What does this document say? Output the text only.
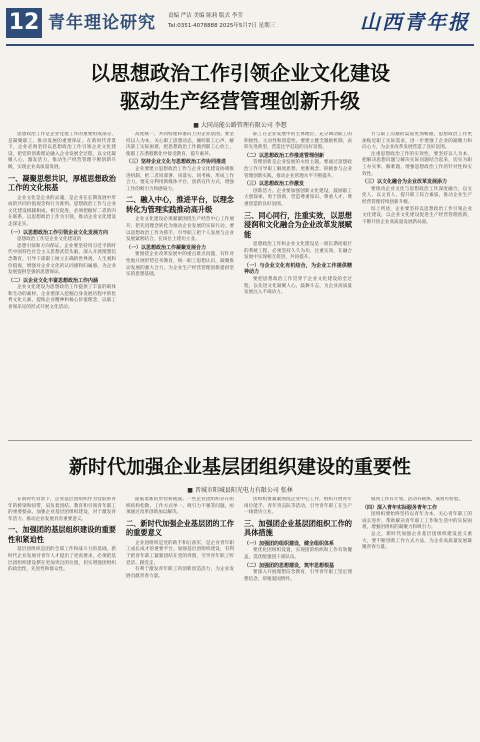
12 青年理论研究 责编 严洁 美编 陈莉 版式 李莹
Tel:0351-4078888 2025年5月7日 星期三	山西青年报
以思想政治工作引领企业文化建设
驱动生产经营管理创新升级
■ 大同高能公路管理有限公司 李想

思想政治工作是企业党建工作的重要组成部分，是凝聚职工、推动发展的重要保证。在新时代背景下，企业必须坚持以思想政治工作引领企业文化建设，把党的创新理论融入企业发展全过程，以文化凝聚人心、激发活力，推动生产经营管理不断创新升级，实现企业高质量发展。

一、凝聚思想共识，厚植思想政治工作的文化根基

企业文化是企业的灵魂，是企业在长期发展中形成的共同价值观念和行为准则。思想政治工作与企业文化建设相辅相成、相互促进，必须把握好二者的内在联系，以思想政治工作为引领，推动企业文化建设走深走实。

（一）以思想政治工作引领企业文化发展方向

思想政治工作是企业文化建设的

思想引领和方向保证。企业要坚持用习近平新时代中国特色社会主义思想武装头脑，深入开展理想信念教育，引导干部职工树立正确的世界观、人生观和价值观，增强对企业文化的认同感和归属感，为企业发展提供坚强的思想保证。

（二）以企业文化丰富思想政治工作内涵

企业文化建设为思想政治工作提供了丰富的载体和生动的素材。企业要深入挖掘自身发展历程中的优秀文化元素，提炼企业精神和核心价值理念，以职工喜闻乐见的形式开展文化活动。

高度统一，共同构建和谐向上的企业氛围。要坚持以人为本，关心职工思想动态，倾听职工心声，解决职工实际困难，把思想政治工作做到职工心坎上，使职工在潜移默化中接受教育、提升素养。

（三）坚持企业文化与思想政治工作协同推进

企业要建立思想政治工作与企业文化建设协调推进机制，把二者同部署、同落实、同考核，形成工作合力。要充分利用新媒体平台，创新宣传方式，增强工作的吸引力和感染力。

二、融入中心，推进平台，以理念转化为管理实践推动高升级

企业文化建设必须紧紧围绕生产经营中心工作展开，把先进理念转化为推动企业发展的实际行动。要以思想政治工作为抓手，引导职工把个人发展与企业发展紧密结合，在岗位上建功立业。

（一）以思想政治工作凝聚发展合力

要围绕企业改革发展中的重点难点问题，有针对性地开展形势任务教育，统一职工思想认识，凝聚推动发展的强大合力，为企业生产经营管理创新提供坚实的思想基础。

职工在企业发展中的主体地位，充分调动职工的积极性、主动性和创造性。要建立健全激励机制，表彰先进典型，营造比学赶超的良好氛围。

（二）以思想政治工作推进管理创新

管理创新是企业发展的永恒主题。要通过思想政治工作引导职工解放思想、更新观念，积极参与企业管理创新实践，推动企业管理水平不断提升。

（三）以思想政治工作激发

创新活力。企业要加强创新文化建设，鼓励职工大胆探索、勇于创新，营造尊重知识、尊重人才、尊重创造的良好氛围。

三、同心同行，注重实效，以思想浸润和文化融合为企业改革发展赋能

思想政治工作和企业文化建设是一项长期而艰巨的系统工程，必须坚持久久为功、注重实效，在融合发展中实现相互促进、共同提升。

（一）与企业文化有机结合，为企业工作提供精神动力

要把思想政治工作贯穿于企业文化建设的全过程，以先进文化凝聚人心、鼓舞斗志，为企业高质量发展注入不竭动力。

方与职工沟通的渠道更加畅通，思想政治工作更加贴近职工实际需求，进一步增强了企业的凝聚力和向心力，为企业改革发展营造了良好氛围。

注重思想政治工作的实效性，要坚持以人为本，把解决思想问题与解决实际问题结合起来，切实为职工办实事、解难题，增强思想政治工作的针对性和实效性。

（三）以文化融合为企业改革发展添力

要推动企业文化与思想政治工作深度融合，以文化人、以文育人，提升职工综合素质，推动企业生产经营管理持续创新升级。

综上所述，企业要坚持以思想政治工作引领企业文化建设，以企业文化建设促进生产经营管理创新，不断开创企业高质量发展新局面。

新时代加强企业基层团组织建设的重要性
■ 晋城市阳城县阳光电力有限公司 张林

在新时代背景下，企业基层团组织作为党联系青年的桥梁和纽带，肩负着团结、教育和引领青年职工的重要使命。加强企业基层团组织建设，对于激发青年活力、推动企业发展具有重要意义。

一、加强团的基层组织建设的重要性和紧迫性

基层团组织是团的全部工作和战斗力的基础。新时代企业发展对青年人才提出了更高要求，必须把基层团组织建设摆在更加突出的位置，切实增强团组织的政治性、先进性和群众性。

面临着新的形势和挑战。一些企业团组织存在组织结构松散、工作方式单一、吸引力不强等问题，亟须通过改革创新加以解决。

二、新时代加强企业基层团的工作的重要意义

企业团组织是党的助手和后备军，是企业青年职工成长成才的重要平台。加强基层团组织建设，有利于把青年职工紧紧团结在党的周围，引导青年职工听党话、跟党走。

有利于激发青年职工的创新创造活力，为企业发展贡献青春力量。

团组织要紧紧围绕企业中心工作，组织开展青年岗位能手、青年突击队等活动，引导青年职工在生产一线建功立业。

三、加强团企业基层团组织工作的具体措施
（一）加强团的组织建设，健全组织体系

要优化团组织设置，实现团的组织和工作有效覆盖，选优配强团干部队伍。

（二）加强团的思想建设，筑牢思想根基

要深入开展理想信念教育，引导青年职工坚定理想信念，厚植爱国情怀。

做到工作有计划、活动有载体、成效可检验。

（四）深入青年实际服务青年工作

团组织要始终坚持以青年为本，关心青年职工的成长进步，帮助解决青年职工工作和生活中的实际困难，增强团组织的凝聚力和吸引力。

总之，新时代加强企业基层团组织建设意义重大，要不断创新工作方式方法，为企业高质量发展凝聚青春力量。
